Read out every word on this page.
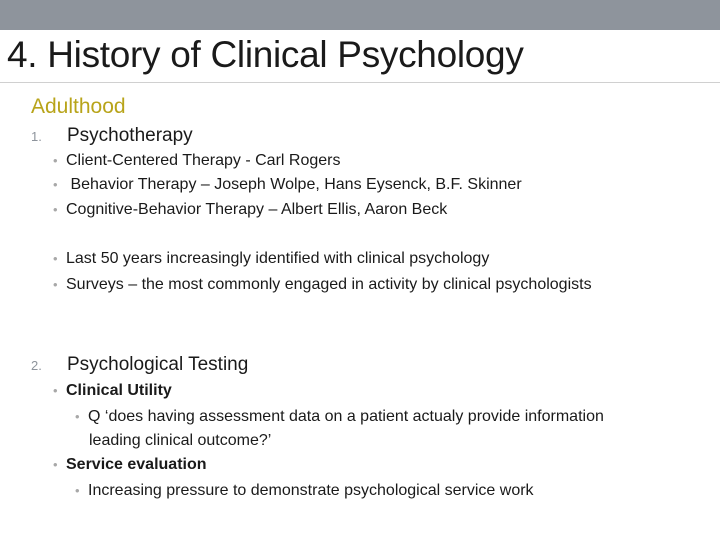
4. History of Clinical Psychology
Adulthood
1. Psychotherapy
• Client-Centered Therapy - Carl Rogers
• Behavior Therapy – Joseph Wolpe, Hans Eysenck, B.F. Skinner
• Cognitive-Behavior Therapy – Albert Ellis, Aaron Beck
• Last 50 years increasingly identified with clinical psychology
• Surveys – the most commonly engaged in activity by clinical psychologists
2. Psychological Testing
• Clinical Utility
• Q ‘does having assessment data on a patient actualy provide information
leading clinical outcome?’
• Service evaluation
• Increasing pressure to demonstrate psychological service work
